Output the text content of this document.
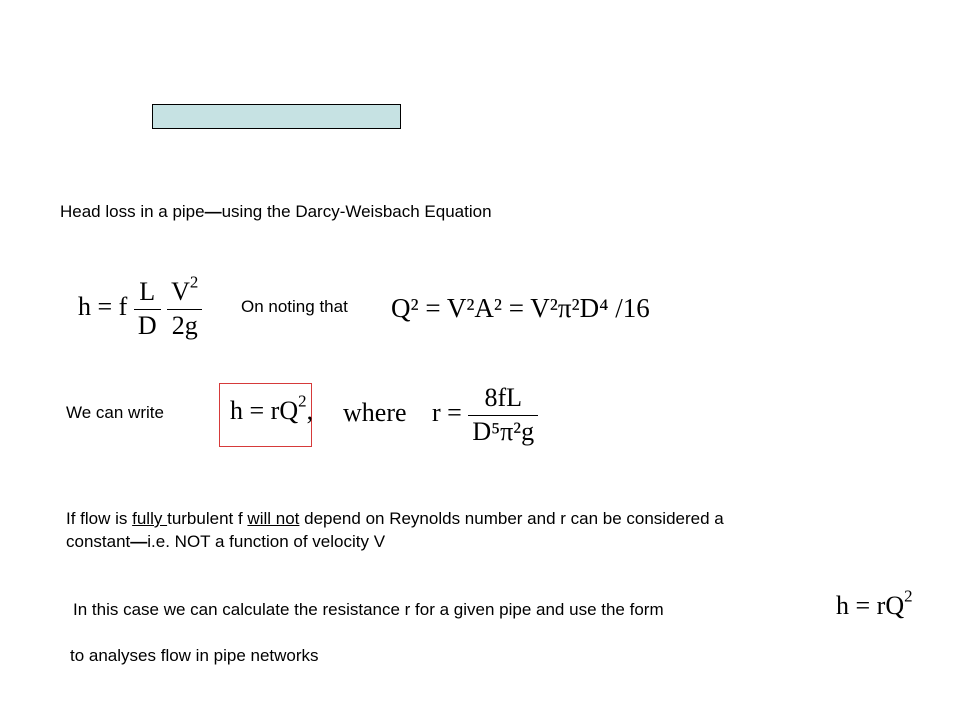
Head loss in a pipe—using the Darcy-Weisbach Equation
h = f $\frac{L}{D}$
$\frac{V^2}{2g}$ On noting that Q² = V²A² = V²π²D⁴ /16
We can write	$h = rQ^2$, where $r = \frac{8fL}{\text{D⁵π²g}}$
If flow is fully turbulent f will not depend on Reynolds number and r can be considered a
constant—i.e. NOT a function of velocity V
In this case we can calculate the resistance r for a given pipe and use the form	$h = rQ^2$
to analyses flow in pipe networks
